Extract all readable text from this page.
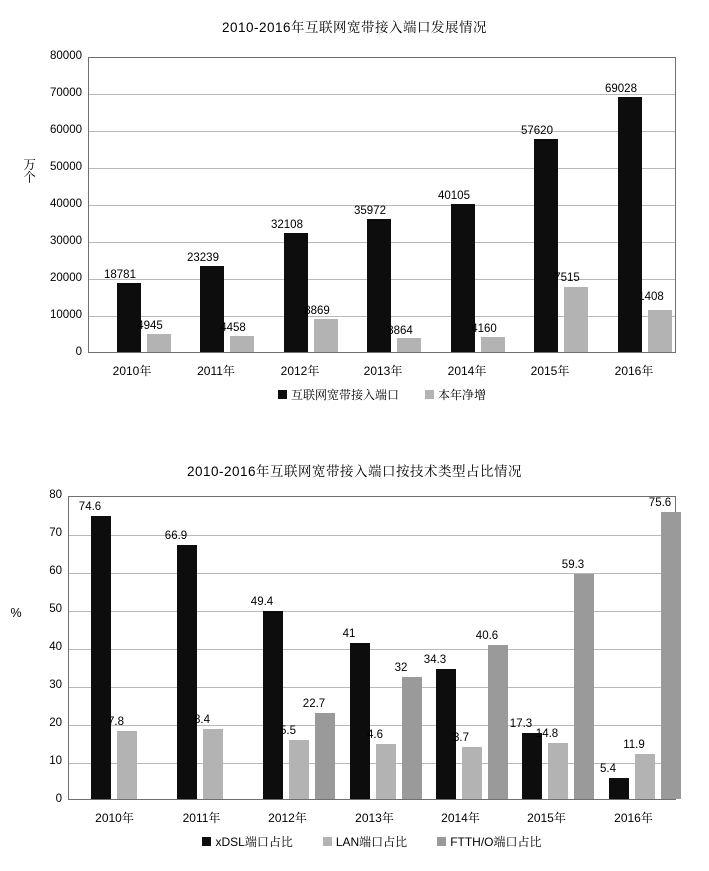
2010-2016年互联网宽带接入端口发展情况
80000
70000
60000
50000
40000
30000
20000
10000
0
万个
2010年	2011年	2012年	2013年	2014年	2015年	2016年
18781
23239
32108
35972
40105
57620
69028
4945	4458
8869
3864	4160
7515
1408
互联网宽带接入端口	本年净增
2010-2016年互联网宽带接入端口按技术类型占比情况
80
70
60
50
40
30
20
10
0
%
2010年	2011年	2012年	2013年	2014年	2015年	2016年
74.6
66.9
49.4
41
34.3
17.3
5.4
7.8	8.4
5.5	4.6	3.7	14.8
11.9
22.7
32
40.6
59.3
75.6
xDSL端口占比	LAN端口占比	FTTH/O端口占比
